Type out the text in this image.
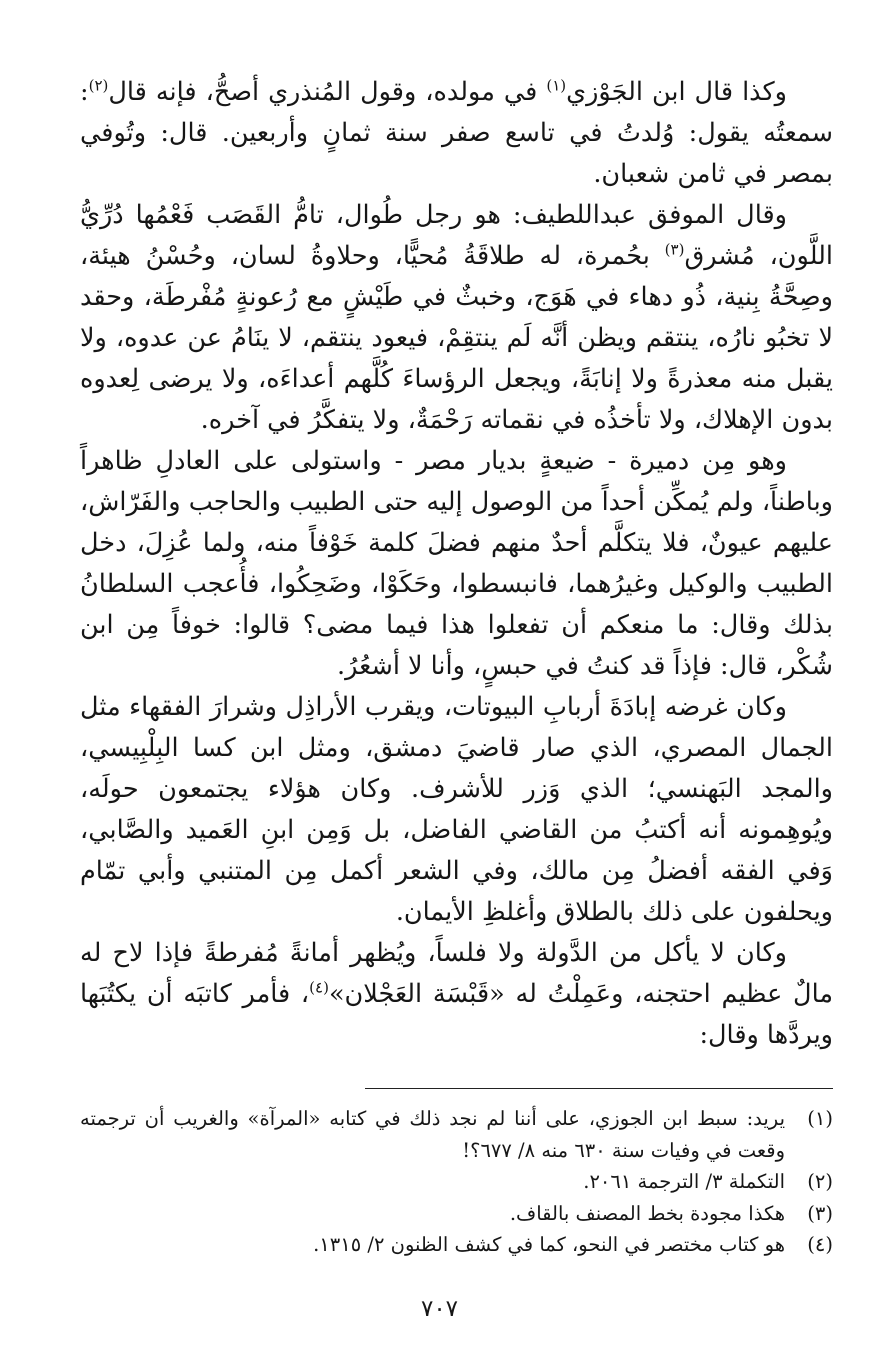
وكذا قال ابن الجَوْزي$^{(١)}$ في مولده، وقول المُنذري أصحُّ، فإنه قال$^{(٢)}$: سمعتُه يقول: وُلدتُ في تاسع صفر سنة ثمانٍ وأربعين. قال: وتُوفي بمصر في ثامن شعبان.

وقال الموفق عبداللطيف: هو رجل طُوال، تامُّ القَصَب فَعْمُها دُرِّيُّ اللَّون، مُشرق$^{(٣)}$ بحُمرة، له طلاقَةُ مُحيًّا، وحلاوةُ لسان، وحُسْنُ هيئة، وصِحَّةُ بِنية، ذُو دهاء في هَوَج، وخبثٌ في طَيْشٍ مع رُعونةٍ مُفْرطَة، وحقد لا تخبُو نارُه، ينتقم ويظن أنَّه لَم ينتقِمْ، فيعود ينتقم، لا ينَامُ عن عدوه، ولا يقبل منه معذرةً ولا إنابَةً، ويجعل الرؤساءَ كُلَّهم أعداءَه، ولا يرضى لِعدوه بدون الإهلاك، ولا تأخذُه في نقماته رَحْمَةٌ، ولا يتفكَّرُ في آخره.

وهو مِن دميرة - ضيعةٍ بديار مصر - واستولى على العادلِ ظاهراً وباطناً، ولم يُمكِّن أحداً من الوصول إليه حتى الطبيب والحاجب والفَرّاش، عليهم عيونٌ، فلا يتكلَّم أحدٌ منهم فضلَ كلمة خَوْفاً منه، ولما عُزِلَ، دخل الطبيب والوكيل وغيرُهما، فانبسطوا، وحَكَوْا، وضَحِكُوا، فأُعجب السلطانُ بذلك وقال: ما منعكم أن تفعلوا هذا فيما مضى؟ قالوا: خوفاً مِن ابن شُكْر، قال: فإذاً قد كنتُ في حبسٍ، وأنا لا أشعُرُ.

وكان غرضه إبادَةَ أربابِ البيوتات، ويقرب الأراذِل وشرارَ الفقهاء مثل الجمال المصري، الذي صار قاضيَ دمشق، ومثل ابن كسا البِلْبِيسي، والمجد البَهنسي؛ الذي وَزر للأشرف. وكان هؤلاء يجتمعون حولَه، ويُوهِمونه أنه أكتبُ من القاضي الفاضل، بل وَمِن ابنِ العَميد والصَّابي، وَفي الفقه أفضلُ مِن مالك، وفي الشعر أكمل مِن المتنبي وأبي تمّام ويحلفون على ذلك بالطلاق وأغلظِ الأيمان.

وكان لا يأكل من الدَّولة ولا فلساً، ويُظهر أمانةً مُفرطةً فإذا لاح له مالٌ عظيم احتجنه، وعَمِلْتُ له «قَبْسَة العَجْلان»$^{(٤)}$، فأمر كاتبَه أن يكتُبَها ويردَّها وقال:

(١)
يريد: سبط ابن الجوزي، على أننا لم نجد ذلك في كتابه «المرآة» والغريب أن ترجمته وقعت في وفيات سنة ٦٣٠ منه ٨/ ٦٧٧؟!

(٢)
التكملة ٣/ الترجمة ٢٠٦١.

(٣)
هكذا مجودة بخط المصنف بالقاف.

(٤)
هو كتاب مختصر في النحو، كما في كشف الظنون ٢/ ١٣١٥.

٧٠٧
